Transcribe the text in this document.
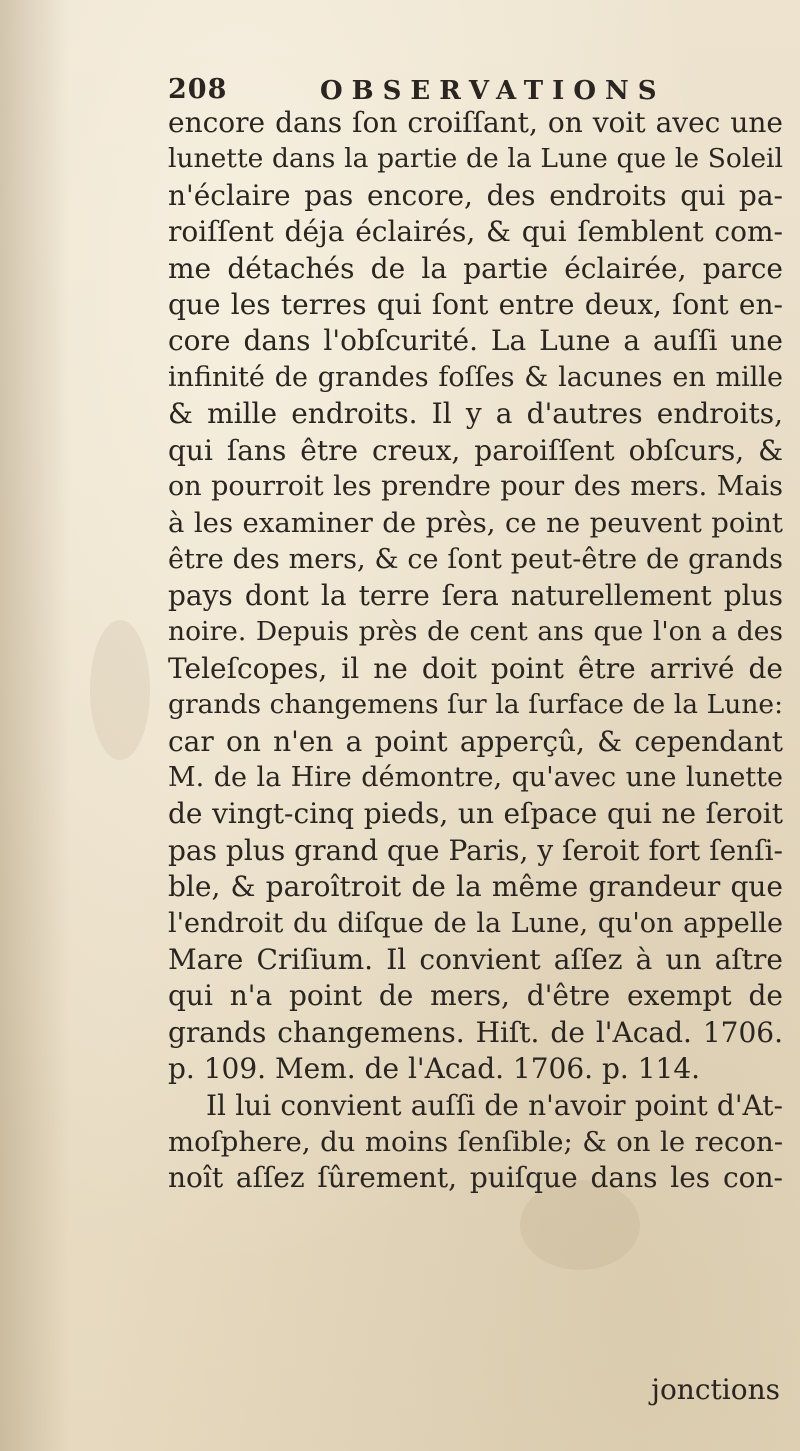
208	OBSERVATIONS
encore dans ſon croiſſant, on voit avec une
lunette dans la partie de la Lune que le Soleil
n'éclaire pas encore, des endroits qui pa-
roiſſent déja éclairés, & qui ſemblent com-
me détachés de la partie éclairée, parce
que les terres qui ſont entre deux, ſont en-
core dans l'obſcurité. La Lune a auſſi une
infinité de grandes foſſes & lacunes en mille
& mille endroits. Il y a d'autres endroits,
qui ſans être creux, paroiſſent obſcurs, &
on pourroit les prendre pour des mers. Mais
à les examiner de près, ce ne peuvent point
être des mers, & ce ſont peut-être de grands
pays dont la terre ſera naturellement plus
noire. Depuis près de cent ans que l'on a des
Teleſcopes, il ne doit point être arrivé de
grands changemens ſur la ſurface de la Lune:
car on n'en a point apperçû, & cependant
M. de la Hire démontre, qu'avec une lunette
de vingt-cinq pieds, un eſpace qui ne ſeroit
pas plus grand que Paris, y ſeroit fort ſenſi-
ble, & paroîtroit de la même grandeur que
l'endroit du diſque de la Lune, qu'on appelle
Mare Criſium. Il convient aſſez à un aſtre
qui n'a point de mers, d'être exempt de
grands changemens. Hiſt. de l'Acad. 1706.
p. 109. Mem. de l'Acad. 1706. p. 114.
Il lui convient auſſi de n'avoir point d'At-
moſphere, du moins ſenſible; & on le recon-
noît aſſez ſûrement, puiſque dans les con-
jonctions
